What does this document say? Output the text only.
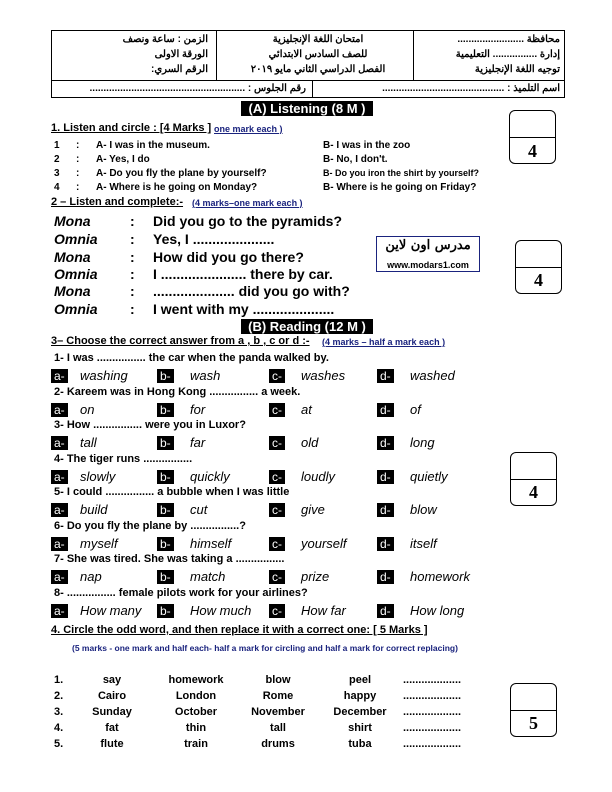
محافظة ........................
إدارة ................ التعليمية
توجيه اللغة الإنجليزية
امتحان اللغة الإنجليزية
للصف السادس الابتدائي
الفصل الدراسي الثاني مايو ٢٠١٩
الزمن : ساعة ونصف
الورقة الاولى
الرقم السري:
اسم التلميذ : ............................................
رقم الجلوس : ........................................................
(A) Listening (8 M )
1. Listen and circle : [4 Marks ] one mark each )
1 : A- I was in the museum.	B- I was in the zoo
2 : A- Yes, I do	B- No, I don't.
3 : A- Do you fly the plane by yourself?	B- Do you iron the shirt by yourself?
4 : A- Where is he going on Monday?	B- Where is he going on Friday?
4
2 – Listen and complete:- (4 marks–one mark each )
Mona	: Did you go to the pyramids?
Omnia : Yes, I .....................
Mona	: How did you go there?
Omnia : I ...................... there by car.
Mona	: ..................... did you go with?
Omnia : I went with my .....................
مدرس اون لاين
www.modars1.com
4
(B) Reading (12 M )
3– Choose the correct answer from a , b , c or d :- (4 marks – half a mark each )
1- I was ................ the car when the panda walked by.
a- washing	b- wash	c- washes	d- washed
2- Kareem was in Hong Kong ................ a week.
a- on	b- for	c- at	d- of
3- How ................ were you in Luxor?
a- tall	b- far	c- old	d- long
4- The tiger runs ................
a- slowly	b- quickly	c- loudly	d- quietly
5- I could ................ a bubble when I was little
a- build	b- cut	c- give	d- blow
6- Do you fly the plane by ................?
a- myself	b- himself	c- yourself	d- itself
7- She was tired. She was taking a ................
a- nap	b- match	c- prize	d- homework
8- ................ female pilots work for your airlines?
a- How many b- How much c- How far	d- How long
4
4. Circle the odd word, and then replace it with a correct one: [ 5 Marks ]
(5 marks - one mark and half each- half a mark for circling and half a mark for correct replacing)
1.	say	homework	blow	peel	...................
2.	Cairo	London	Rome	happy	...................
3.	Sunday	October	November	December	...................
4.	fat	thin	tall	shirt	...................
5.	flute	train	drums	tuba	...................
5
